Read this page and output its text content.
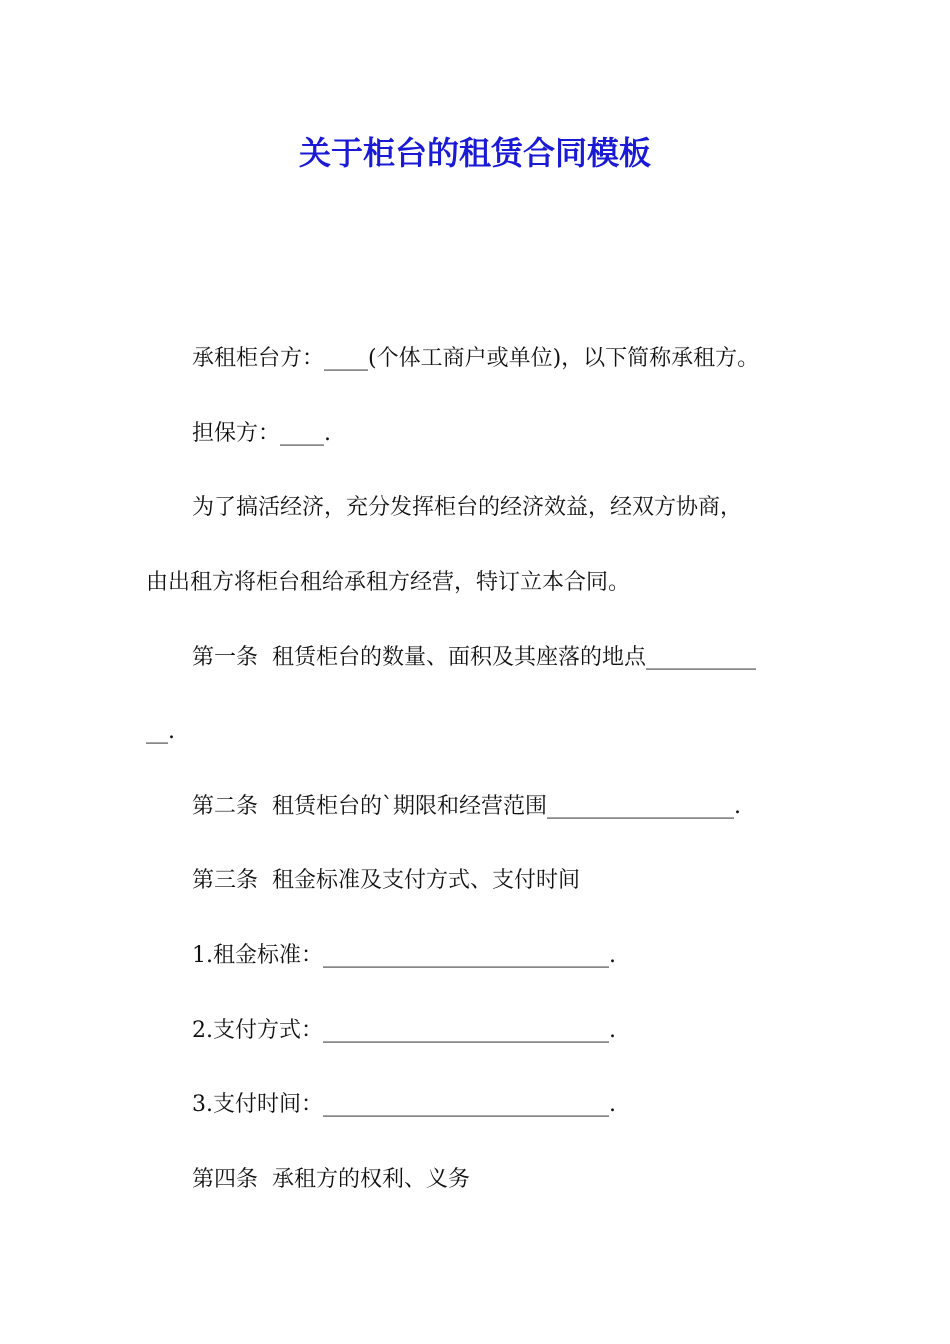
关于柜台的租赁合同模板

承租柜台方：____(个体工商户或单位)，以下简称承租方。

担保方：____.

为了搞活经济，充分发挥柜台的经济效益，经双方协商，

由出租方将柜台租给承租方经营，特订立本合同。

第一条  租赁柜台的数量、面积及其座落的地点__________

__.

第二条  租赁柜台的`期限和经营范围_________________.

第三条  租金标准及支付方式、支付时间

1.租金标准：__________________________.

2.支付方式：__________________________.

3.支付时间：__________________________.

第四条  承租方的权利、义务
